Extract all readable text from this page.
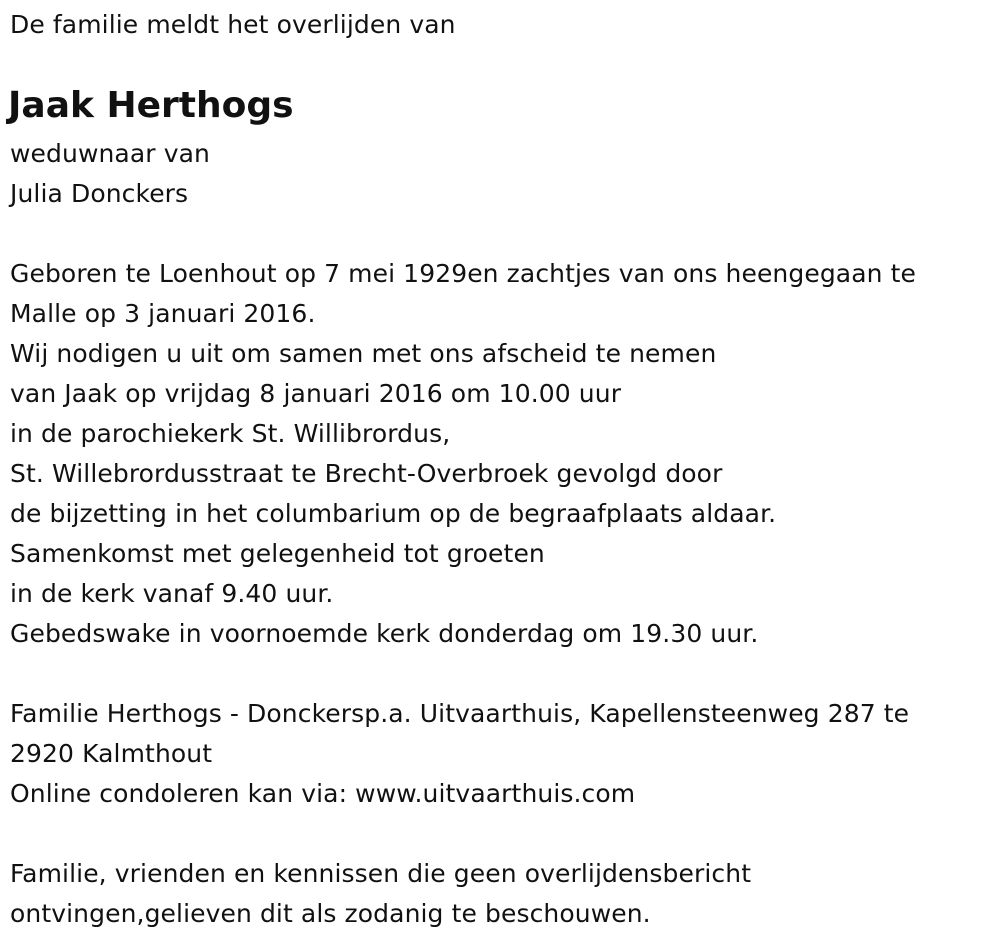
De familie meldt het overlijden van
Jaak Herthogs
weduwnaar van
Julia Donckers
Geboren te Loenhout op 7 mei 1929en zachtjes van ons heengegaan te
Malle op 3 januari 2016.
Wij nodigen u uit om samen met ons afscheid te nemen
van Jaak op vrijdag 8 januari 2016 om 10.00 uur
in de parochiekerk St. Willibrordus,
St. Willebrordusstraat te Brecht-Overbroek gevolgd door
de bijzetting in het columbarium op de begraafplaats aldaar.
Samenkomst met gelegenheid tot groeten
in de kerk vanaf 9.40 uur.
Gebedswake in voornoemde kerk donderdag om 19.30 uur.
Familie Herthogs - Donckersp.a. Uitvaarthuis, Kapellensteenweg 287 te
2920 Kalmthout
Online condoleren kan via: www.uitvaarthuis.com
Familie, vrienden en kennissen die geen overlijdensbericht
ontvingen,gelieven dit als zodanig te beschouwen.
